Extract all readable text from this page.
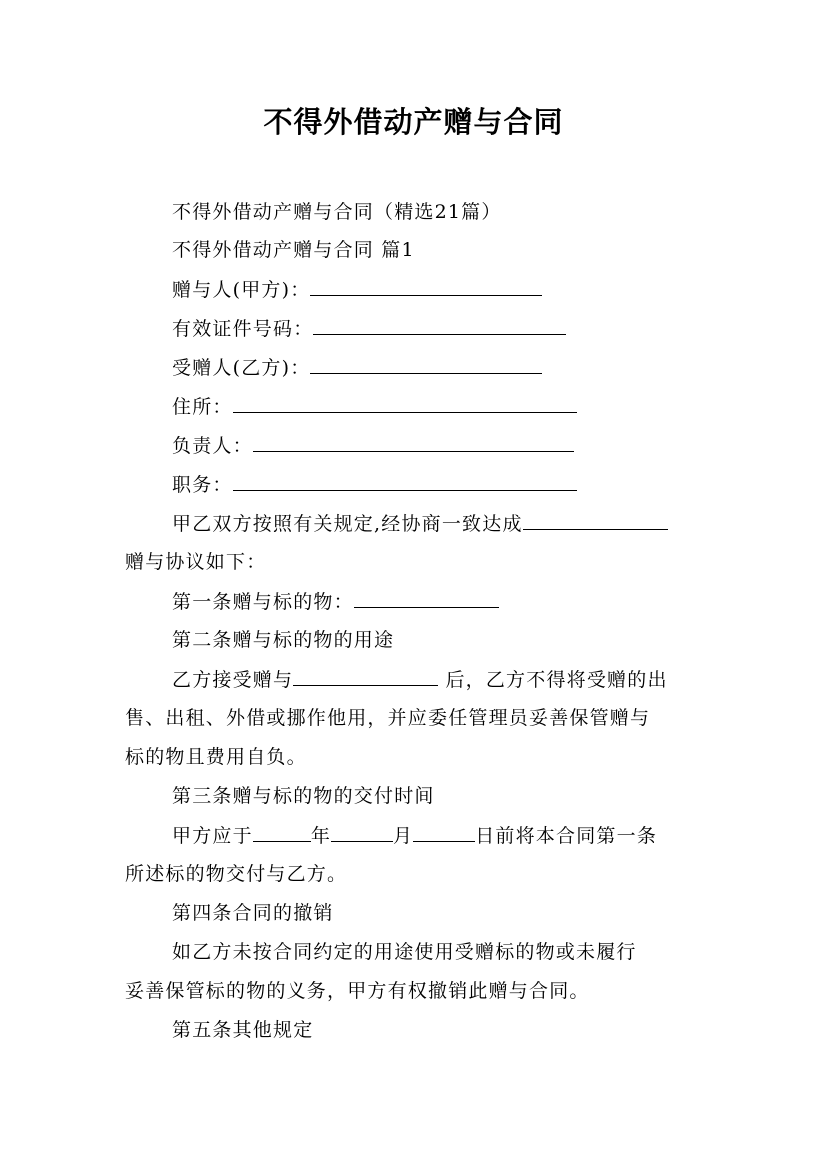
不得外借动产赠与合同
不得外借动产赠与合同（精选21篇）
不得外借动产赠与合同 篇1
赠与人(甲方)：
有效证件号码：
受赠人(乙方)：
住所：
负责人：
职务：
甲乙双方按照有关规定,经协商一致达成
赠与协议如下：
第一条赠与标的物：
第二条赠与标的物的用途
乙方接受赠与	后，乙方不得将受赠的出
售、出租、外借或挪作他用，并应委任管理员妥善保管赠与
标的物且费用自负。
第三条赠与标的物的交付时间
甲方应于	年	月	日前将本合同第一条
所述标的物交付与乙方。
第四条合同的撤销
如乙方未按合同约定的用途使用受赠标的物或未履行
妥善保管标的物的义务，甲方有权撤销此赠与合同。
第五条其他规定
